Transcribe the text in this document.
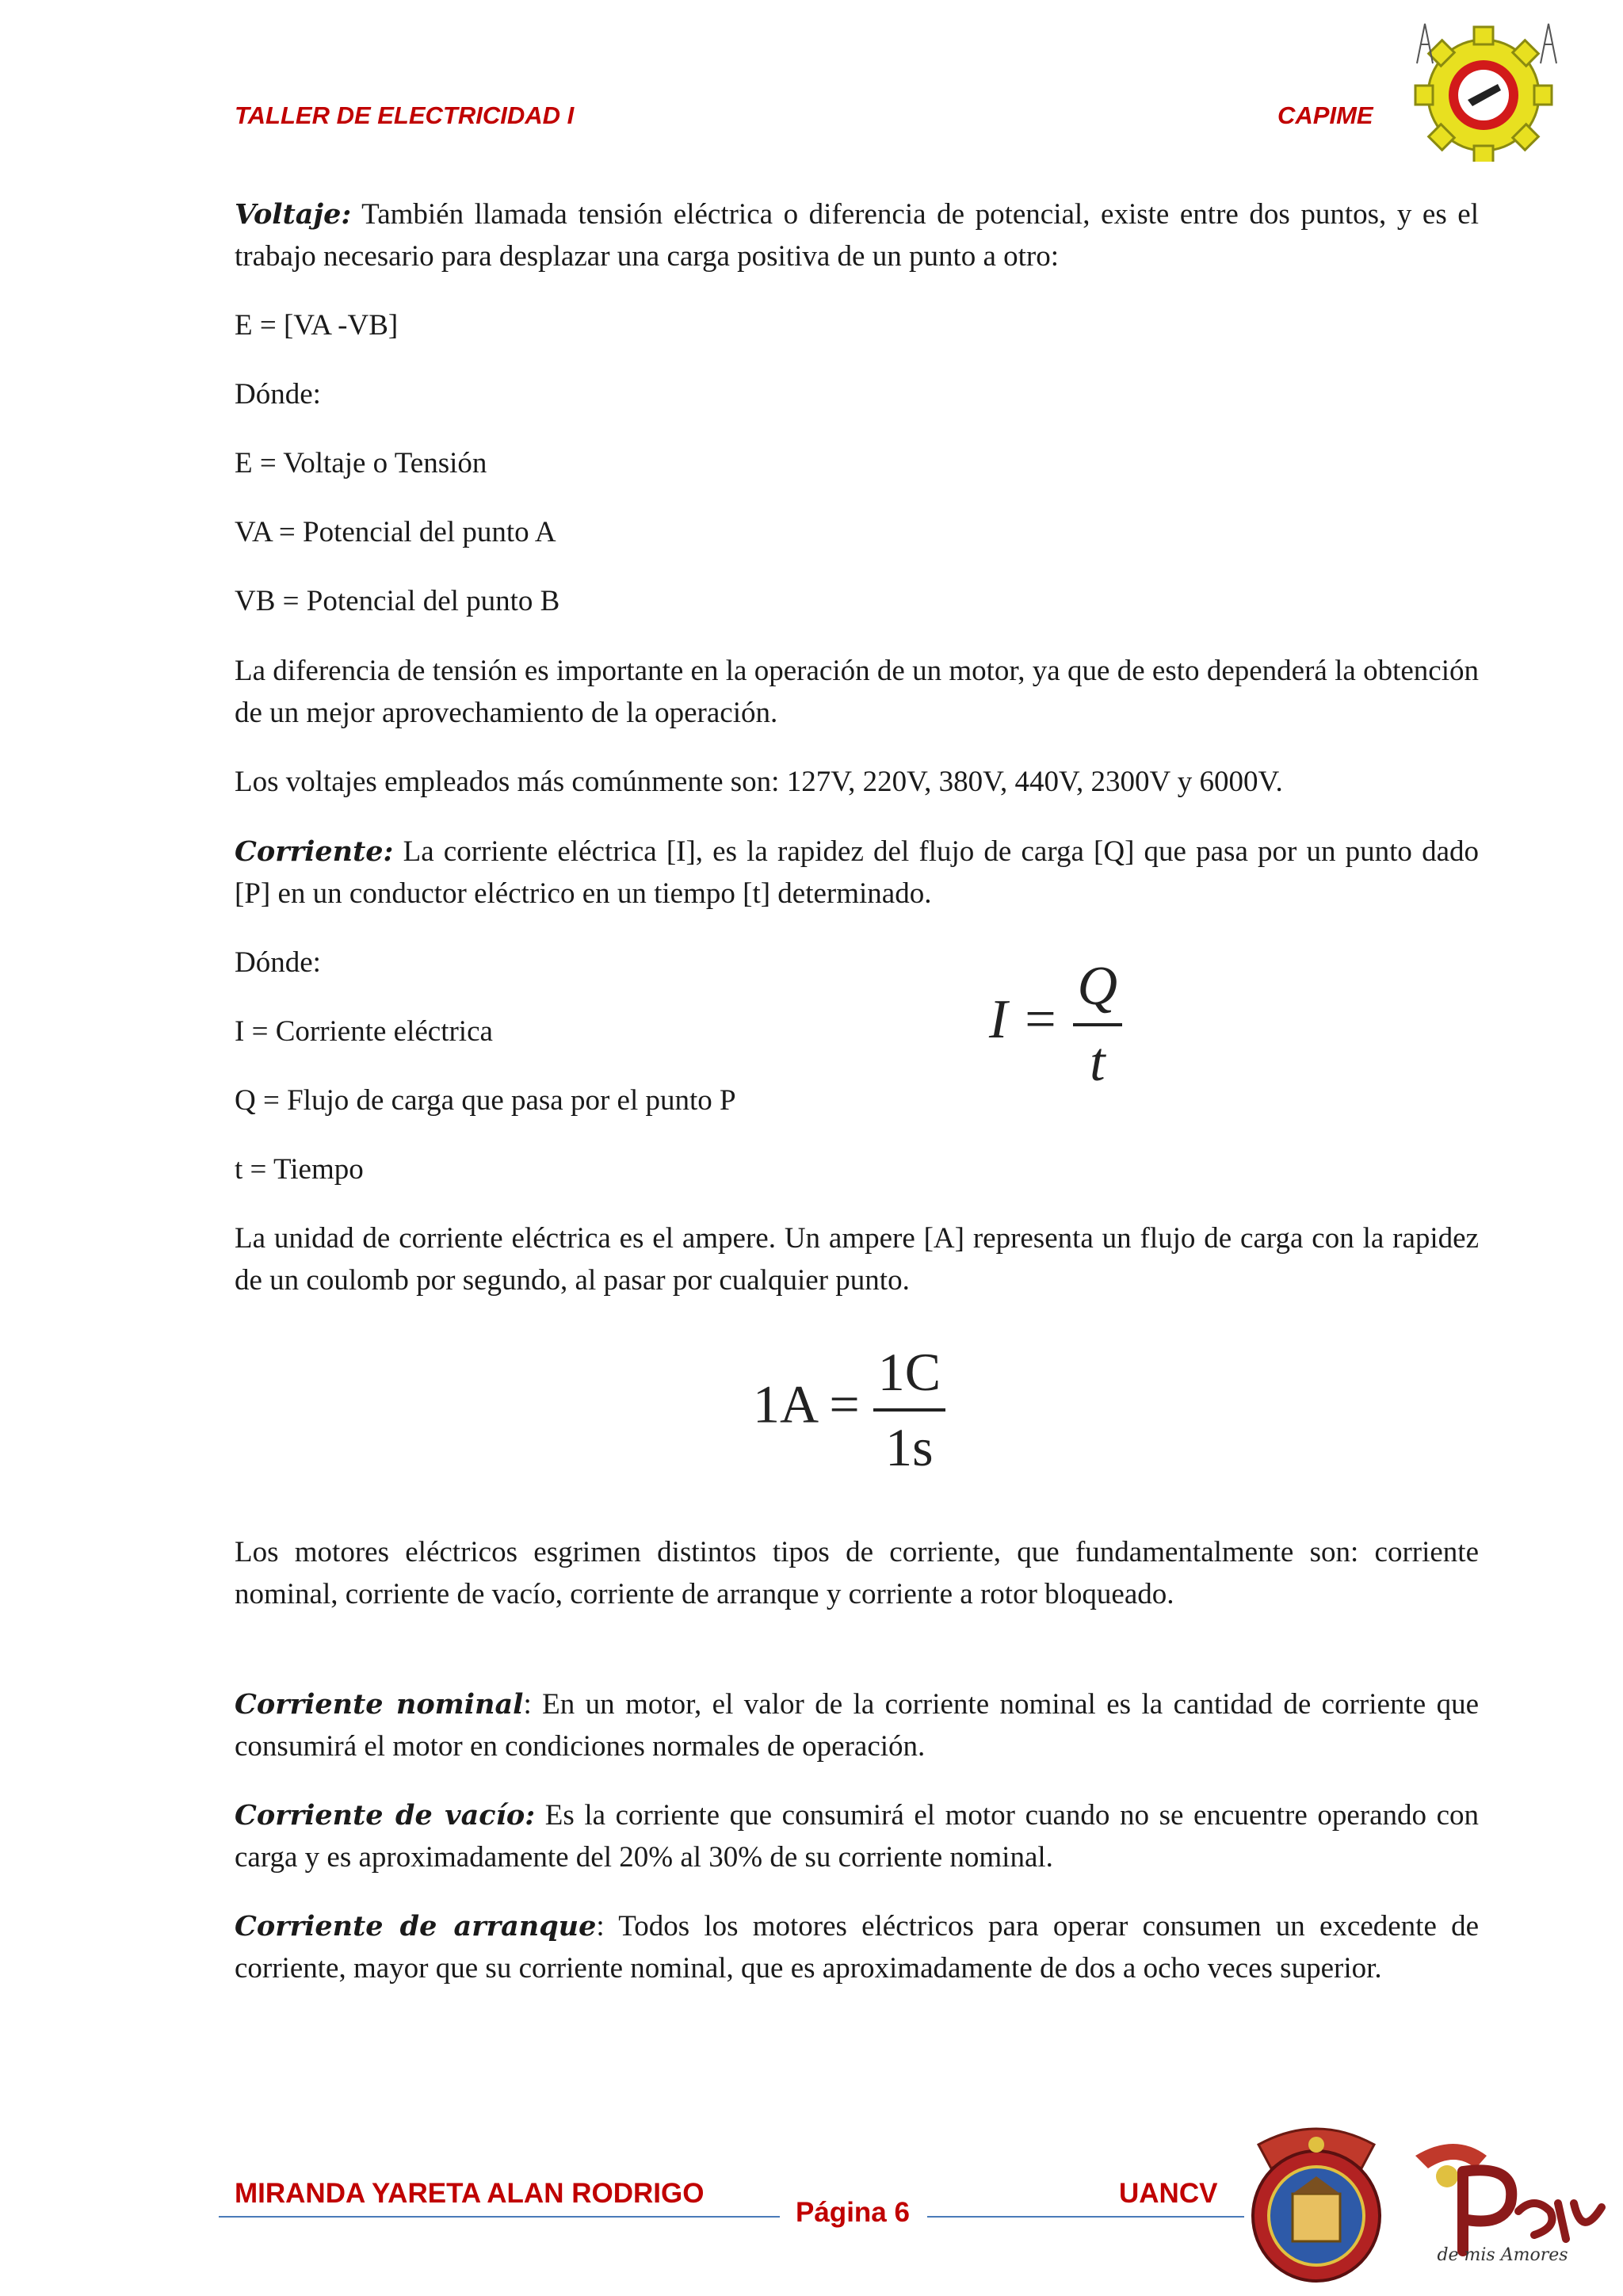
TALLER DE ELECTRICIDAD I	CAPIME

Voltaje: También llamada tensión eléctrica o diferencia de potencial, existe entre dos puntos, y es el trabajo necesario para desplazar una carga positiva de un punto a otro:

E = [VA -VB]

Dónde:

E = Voltaje o Tensión

VA = Potencial del punto A

VB = Potencial del punto B

La diferencia de tensión es importante en la operación de un motor, ya que de esto dependerá la obtención de un mejor aprovechamiento de la operación.

Los voltajes empleados más comúnmente son: 127V, 220V, 380V, 440V, 2300V y 6000V.

Corriente: La corriente eléctrica [I], es la rapidez del flujo de carga [Q] que pasa por un punto dado [P] en un conductor eléctrico en un tiempo [t] determinado.

Dónde:

I = Corriente eléctrica

Q = Flujo de carga que pasa por el punto P

t = Tiempo

$I = \frac{Q}{t}$

La unidad de corriente eléctrica es el ampere. Un ampere [A] representa un flujo de carga con la rapidez de un coulomb por segundo, al pasar por cualquier punto.

$1A = \frac{1C}{1s}$

Los motores eléctricos esgrimen distintos tipos de corriente, que fundamentalmente son: corriente nominal, corriente de vacío, corriente de arranque y corriente a rotor bloqueado.

Corriente nominal: En un motor, el valor de la corriente nominal es la cantidad de corriente que consumirá el motor en condiciones normales de operación.

Corriente de vacío: Es la corriente que consumirá el motor cuando no se encuentre operando con carga y es aproximadamente del 20% al 30% de su corriente nominal.

Corriente de arranque: Todos los motores eléctricos para operar consumen un excedente de corriente, mayor que su corriente nominal, que es aproximadamente de dos a ocho veces superior.

MIRANDA YARETA ALAN RODRIGO
Página 6
UANCV
de mis Amores
